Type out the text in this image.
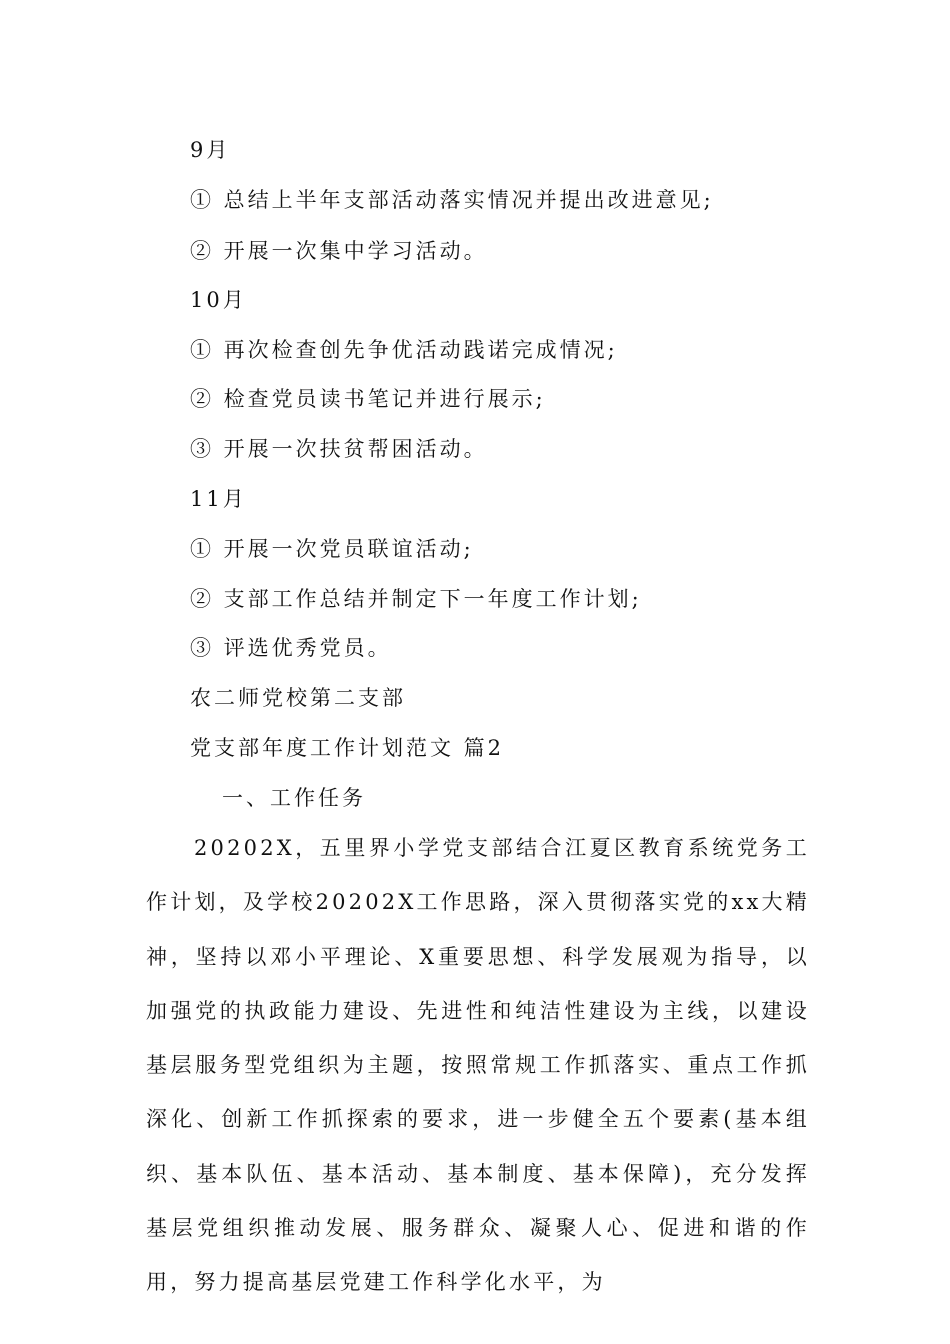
9月
① 总结上半年支部活动落实情况并提出改进意见;
② 开展一次集中学习活动。
10月
① 再次检查创先争优活动践诺完成情况;
② 检查党员读书笔记并进行展示;
③ 开展一次扶贫帮困活动。
11月
① 开展一次党员联谊活动;
② 支部工作总结并制定下一年度工作计划;
③ 评选优秀党员。
农二师党校第二支部
党支部年度工作计划范文 篇2
一、工作任务
20202X，五里界小学党支部结合江夏区教育系统党务工作计划，及学校20202X工作思路，深入贯彻落实党的xx大精神，坚持以邓小平理论、X重要思想、科学发展观为指导，以加强党的执政能力建设、先进性和纯洁性建设为主线，以建设基层服务型党组织为主题，按照常规工作抓落实、重点工作抓深化、创新工作抓探索的要求，进一步健全五个要素(基本组织、基本队伍、基本活动、基本制度、基本保障)，充分发挥基层党组织推动发展、服务群众、凝聚人心、促进和谐的作用，努力提高基层党建工作科学化水平，为
